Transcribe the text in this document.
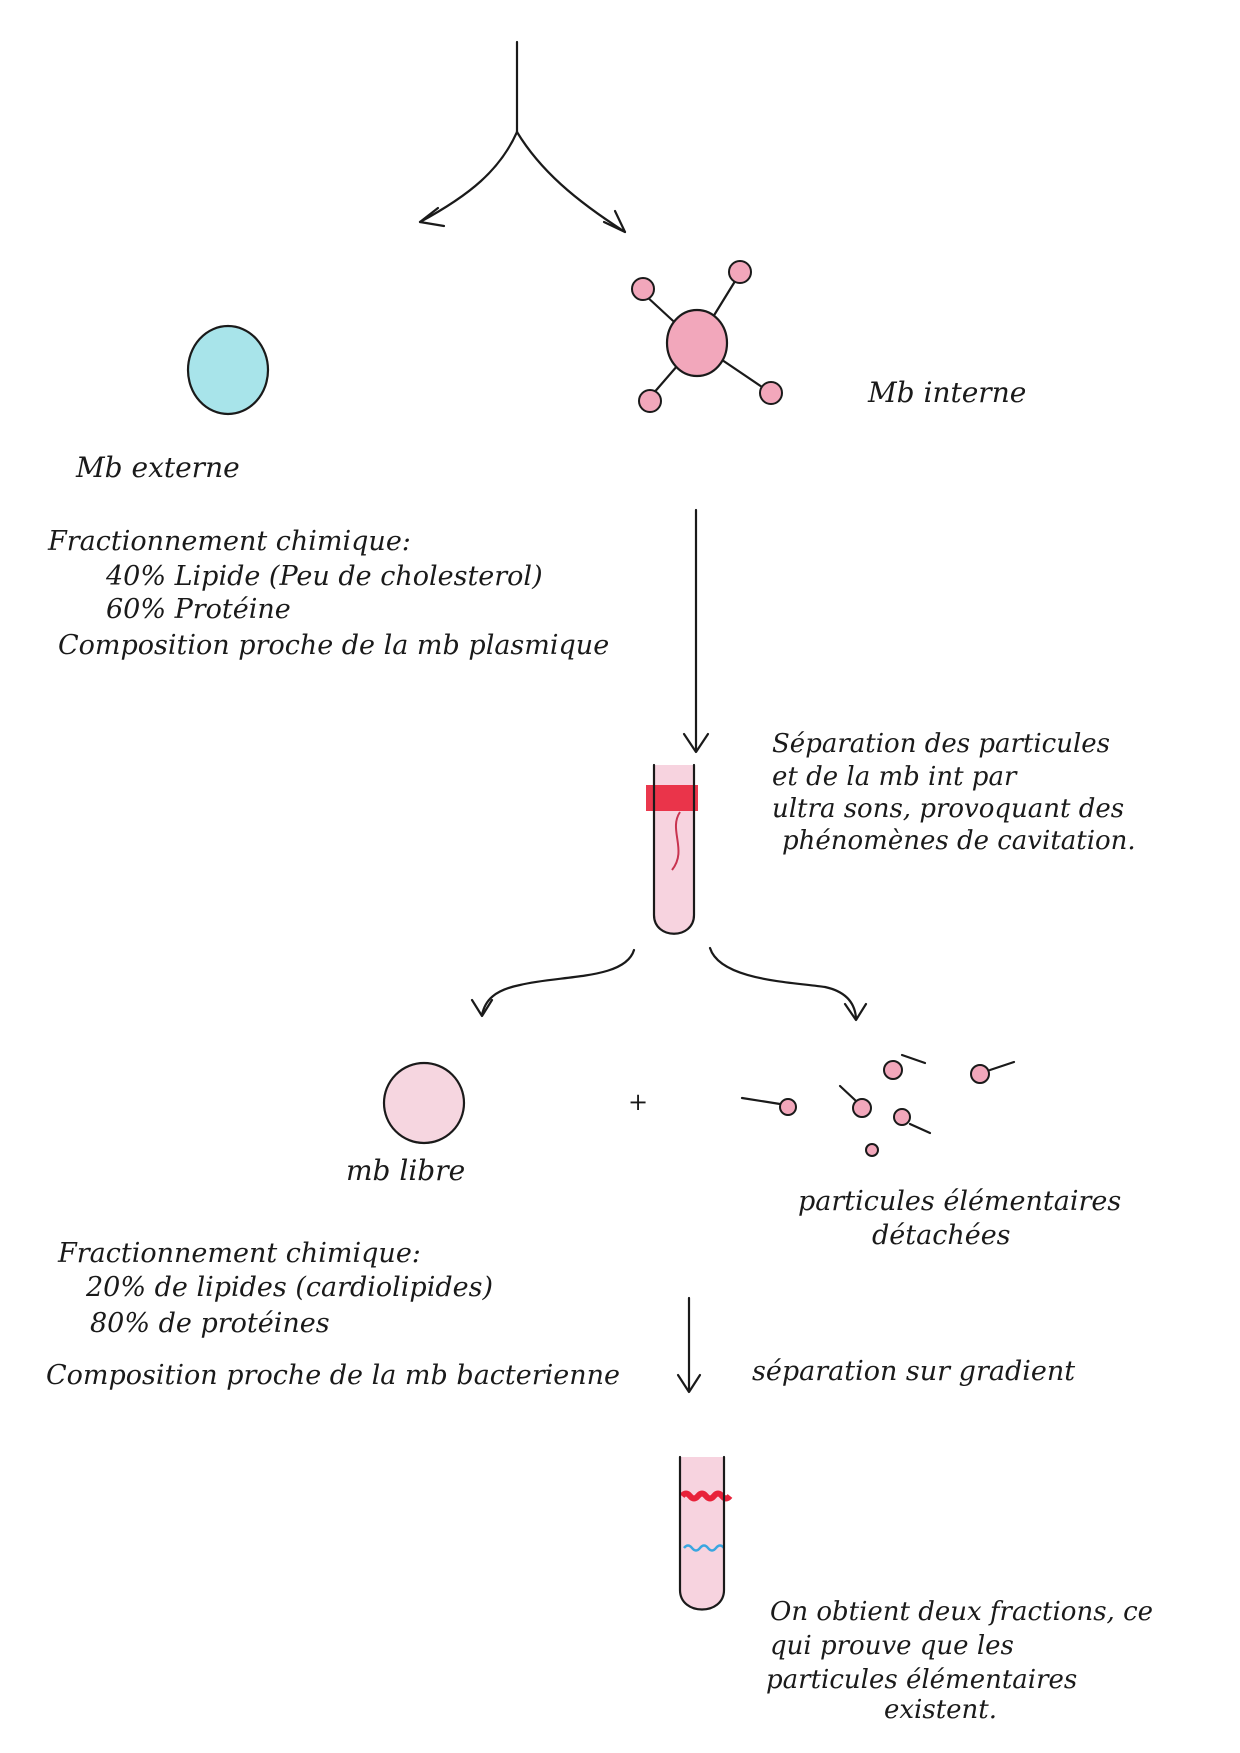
Mb externe
Mb interne
Fractionnement chimique:
40% Lipide (Peu de cholesterol)
60% Protéine
Composition proche de la mb plasmique
Séparation des particules
et de la mb int par
ultra sons, provoquant des
phénomènes de cavitation.
mb libre
+
particules élémentaires
détachées
Fractionnement chimique:
20% de lipides (cardiolipides)
80% de protéines
Composition proche de la mb bacterienne	séparation sur gradient
On obtient deux fractions, ce
qui prouve que les
particules élémentaires
existent.
